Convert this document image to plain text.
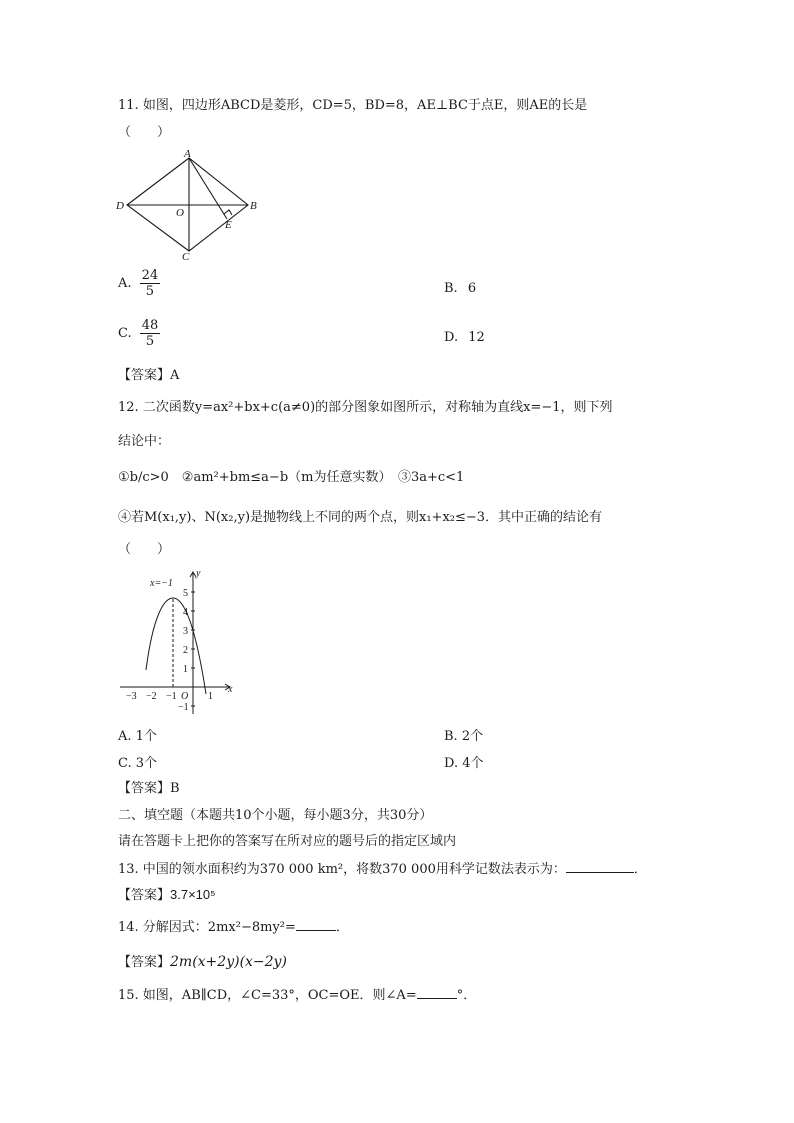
11. 如图，四边形ABCD是菱形，CD=5，BD=8，AE⊥BC于点E，则AE的长是
（　　）
A
D	B
C
O
E
A. $\frac{24}{5}$	B. 6
C. $\frac{48}{5}$	D. 12
【答案】A
12. 二次函数y=ax²+bx+c(a≠0)的部分图象如图所示，对称轴为直线x=−1，则下列
结论中：
①b/c>0　②am²+bm≤a−b（m为任意实数）　③3a+c<1
④若M(x₁,y)、N(x₂,y)是抛物线上不同的两个点，则x₁+x₂≤−3．其中正确的结论有
（　　）
x=−1
y
x
O
−3 −2 −1	1
5
4
3
2
1
−1
A. 1个	B. 2个
C. 3个	D. 4个
【答案】B
二、填空题（本题共10个小题，每小题3分，共30分）
请在答题卡上把你的答案写在所对应的题号后的指定区域内
13. 中国的领水面积约为370 000 km²，将数370 000用科学记数法表示为：	．
【答案】3.7×10⁵
14. 分解因式：2mx²−8my²=	．
【答案】2m(x+2y)(x−2y)
15. 如图，AB∥CD，∠C=33°，OC=OE．则∠A=	°．
